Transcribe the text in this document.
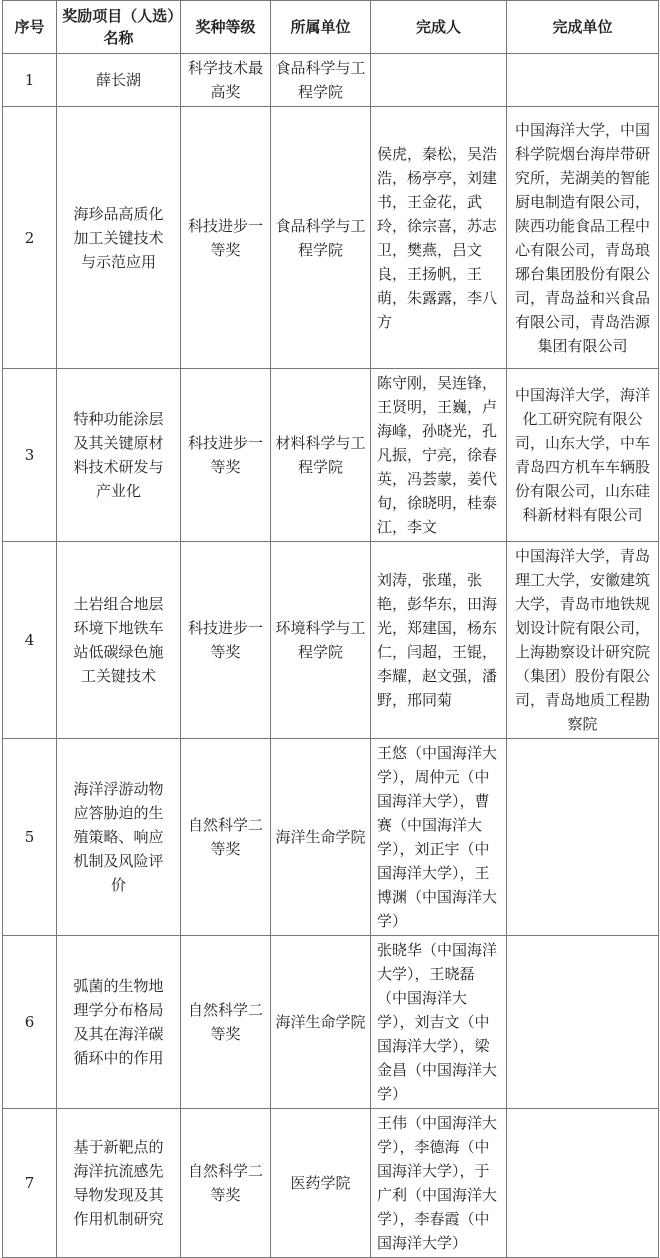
序号	奖励项目（人选）名称	奖种等级	所属单位	完成人	完成单位
1	薛长湖	科学技术最高奖	食品科学与工程学院		
2	海珍品高质化加工关键技术与示范应用	科技进步一等奖	食品科学与工程学院	侯虎，秦松，吴浩浩，杨亭亭，刘建书，王金花，武玲，徐宗喜，苏志卫，樊燕，吕文良，王扬帆，王萌，朱露露，李八方	中国海洋大学，中国科学院烟台海岸带研究所，芜湖美的智能厨电制造有限公司，陕西功能食品工程中心有限公司，青岛琅琊台集团股份有限公司，青岛益和兴食品有限公司，青岛浩源集团有限公司
3	特种功能涂层及其关键原材料技术研发与产业化	科技进步一等奖	材料科学与工程学院	陈守刚，吴连锋，王贤明，王巍，卢海峰，孙晓光，孔凡振，宁亮，徐春英，冯荟蒙，姜代旬，徐晓明，桂泰江，李文	中国海洋大学，海洋化工研究院有限公司，山东大学，中车青岛四方机车车辆股份有限公司，山东硅科新材料有限公司
4	土岩组合地层环境下地铁车站低碳绿色施工关键技术	科技进步一等奖	环境科学与工程学院	刘涛，张瑾，张艳，彭华东，田海光，郑建国，杨东仁，闫超，王锟，李耀，赵文强，潘野，邢同菊	中国海洋大学，青岛理工大学，安徽建筑大学，青岛市地铁规划设计院有限公司，上海勘察设计研究院（集团）股份有限公司，青岛地质工程勘察院
5	海洋浮游动物应答胁迫的生殖策略、响应机制及风险评价	自然科学二等奖	海洋生命学院	王悠（中国海洋大学），周仲元（中国海洋大学），曹赛（中国海洋大学），刘正宇（中国海洋大学），王博渊（中国海洋大学）	
6	弧菌的生物地理学分布格局及其在海洋碳循环中的作用	自然科学二等奖	海洋生命学院	张晓华（中国海洋大学），王晓磊（中国海洋大学），刘吉文（中国海洋大学），梁金昌（中国海洋大学）	
7	基于新靶点的海洋抗流感先导物发现及其作用机制研究	自然科学二等奖	医药学院	王伟（中国海洋大学），李德海（中国海洋大学），于广利（中国海洋大学），李春霞（中国海洋大学）	
